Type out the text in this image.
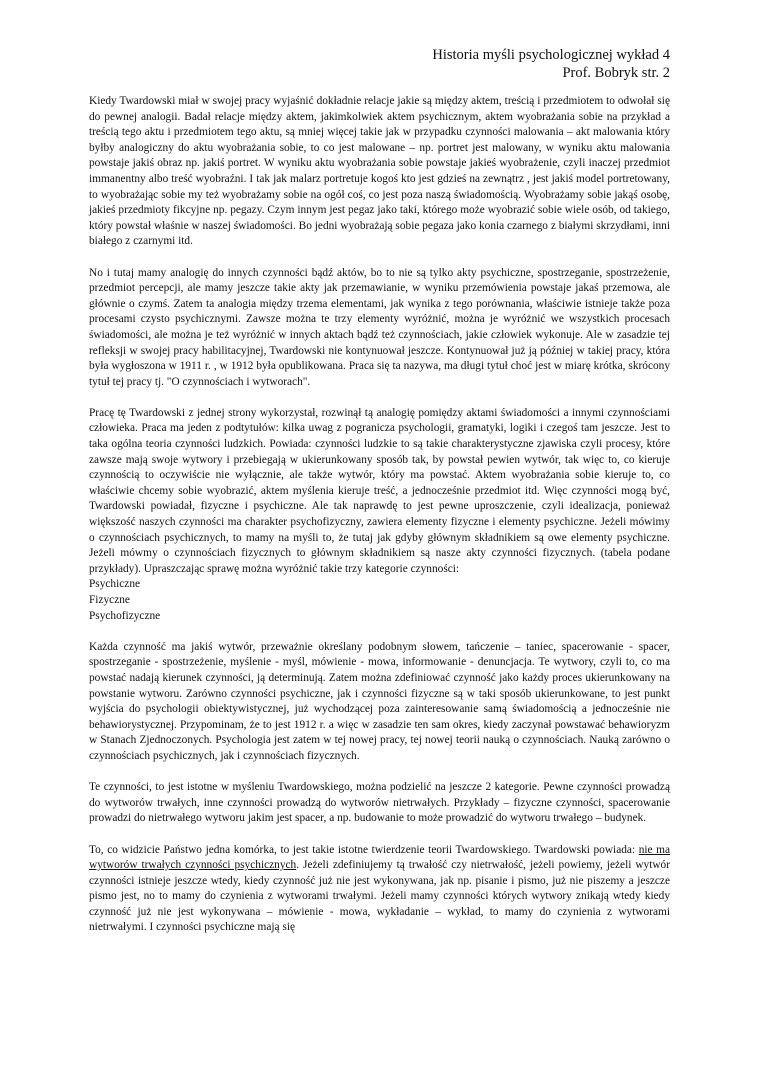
Historia myśli psychologicznej wykład 4
Prof. Bobryk str. 2

Kiedy Twardowski miał w swojej pracy wyjaśnić dokładnie relacje jakie są między aktem, treścią i przedmiotem to odwołał się do pewnej analogii. Badał relacje między aktem, jakimkolwiek aktem psychicznym, aktem wyobrażania sobie na przykład a treścią tego aktu i przedmiotem tego aktu, są mniej więcej takie jak w przypadku czynności malowania – akt malowania który byłby analogiczny do aktu wyobrażania sobie, to co jest malowane – np. portret jest malowany, w wyniku aktu malowania powstaje jakiś obraz np. jakiś portret. W wyniku aktu wyobrażania sobie powstaje jakieś wyobrażenie, czyli inaczej przedmiot immanentny albo treść wyobraźni. I tak jak malarz portretuje kogoś kto jest gdzieś na zewnątrz , jest jakiś model portretowany, to wyobrażając sobie my też wyobrażamy sobie na ogół coś, co jest poza naszą świadomością. Wyobrażamy sobie jakąś osobę, jakieś przedmioty fikcyjne np. pegazy. Czym innym jest pegaz jako taki, którego może wyobrazić sobie wiele osób, od takiego, który powstał właśnie w naszej świadomości. Bo jedni wyobrażają sobie pegaza jako konia czarnego z białymi skrzydłami, inni białego z czarnymi itd.

No i tutaj mamy analogię do innych czynności bądź aktów, bo to nie są tylko akty psychiczne, spostrzeganie, spostrzeżenie, przedmiot percepcji, ale mamy jeszcze takie akty jak przemawianie, w wyniku przemówienia powstaje jakaś przemowa, ale głównie o czymś. Zatem ta analogia między trzema elementami, jak wynika z tego porównania, właściwie istnieje także poza procesami czysto psychicznymi. Zawsze można te trzy elementy wyróżnić, można je wyróżnić we wszystkich procesach świadomości, ale można je też wyróżnić w innych aktach bądź też czynnościach, jakie człowiek wykonuje. Ale w zasadzie tej refleksji w swojej pracy habilitacyjnej, Twardowski nie kontynuował jeszcze. Kontynuował już ją później w takiej pracy, która była wygłoszona w 1911 r. , w 1912 była opublikowana. Praca się ta nazywa, ma długi tytuł choć jest w miarę krótka, skrócony tytuł tej pracy tj. "O czynnościach i wytworach".

Pracę tę Twardowski z jednej strony wykorzystał, rozwinął tą analogię pomiędzy aktami świadomości a innymi czynnościami człowieka. Praca ma jeden z podtytułów: kilka uwag z pogranicza psychologii, gramatyki, logiki i czegoś tam jeszcze. Jest to taka ogólna teoria czynności ludzkich. Powiada: czynności ludzkie to są takie charakterystyczne zjawiska czyli procesy, które zawsze mają swoje wytwory i przebiegają w ukierunkowany sposób tak, by powstał pewien wytwór, tak więc to, co kieruje czynnością to oczywiście nie wyłącznie, ale także wytwór, który ma powstać. Aktem wyobrażania sobie kieruje to, co właściwie chcemy sobie wyobrazić, aktem myślenia kieruje treść, a jednocześnie przedmiot itd. Więc czynności mogą być, Twardowski powiadał, fizyczne i psychiczne. Ale tak naprawdę to jest pewne uproszczenie, czyli idealizacja, ponieważ większość naszych czynności ma charakter psychofizyczny, zawiera elementy fizyczne i elementy psychiczne. Jeżeli mówimy o czynnościach psychicznych, to mamy na myśli to, że tutaj jak gdyby głównym składnikiem są owe elementy psychiczne. Jeżeli mówmy o czynnościach fizycznych to głównym składnikiem są nasze akty czynności fizycznych. (tabela podane przykłady). Upraszczając sprawę można wyróżnić takie trzy kategorie czynności:

Psychiczne
Fizyczne
Psychofizyczne

Każda czynność ma jakiś wytwór, przeważnie określany podobnym słowem, tańczenie – taniec, spacerowanie - spacer, spostrzeganie - spostrzeżenie, myślenie - myśl, mówienie - mowa, informowanie - denuncjacja. Te wytwory, czyli to, co ma powstać nadają kierunek czynności, ją determinują. Zatem można zdefiniować czynność jako każdy proces ukierunkowany na powstanie wytworu. Zarówno czynności psychiczne, jak i czynności fizyczne są w taki sposób ukierunkowane, to jest punkt wyjścia do psychologii obiektywistycznej, już wychodzącej poza zainteresowanie samą świadomością a jednocześnie nie behawiorystycznej. Przypominam, że to jest 1912 r. a więc w zasadzie ten sam okres, kiedy zaczynał powstawać behawioryzm w Stanach Zjednoczonych. Psychologia jest zatem w tej nowej pracy, tej nowej teorii nauką o czynnościach. Nauką zarówno o czynnościach psychicznych, jak i czynnościach fizycznych.

Te czynności, to jest istotne w myśleniu Twardowskiego, można podzielić na jeszcze 2 kategorie. Pewne czynności prowadzą do wytworów trwałych, inne czynności prowadzą do wytworów nietrwałych. Przykłady – fizyczne czynności, spacerowanie prowadzi do nietrwałego wytworu jakim jest spacer, a np. budowanie to może prowadzić do wytworu trwałego – budynek.

To, co widzicie Państwo jedna komórka, to jest takie istotne twierdzenie teorii Twardowskiego. Twardowski powiada: nie ma wytworów trwałych czynności psychicznych. Jeżeli zdefiniujemy tą trwałość czy nietrwałość, jeżeli powiemy, jeżeli wytwór czynności istnieje jeszcze wtedy, kiedy czynność już nie jest wykonywana, jak np. pisanie i pismo, już nie piszemy a jeszcze pismo jest, no to mamy do czynienia z wytworami trwałymi. Jeżeli mamy czynności których wytwory znikają wtedy kiedy czynność już nie jest wykonywana – mówienie - mowa, wykładanie – wykład, to mamy do czynienia z wytworami nietrwałymi. I czynności psychiczne mają się
